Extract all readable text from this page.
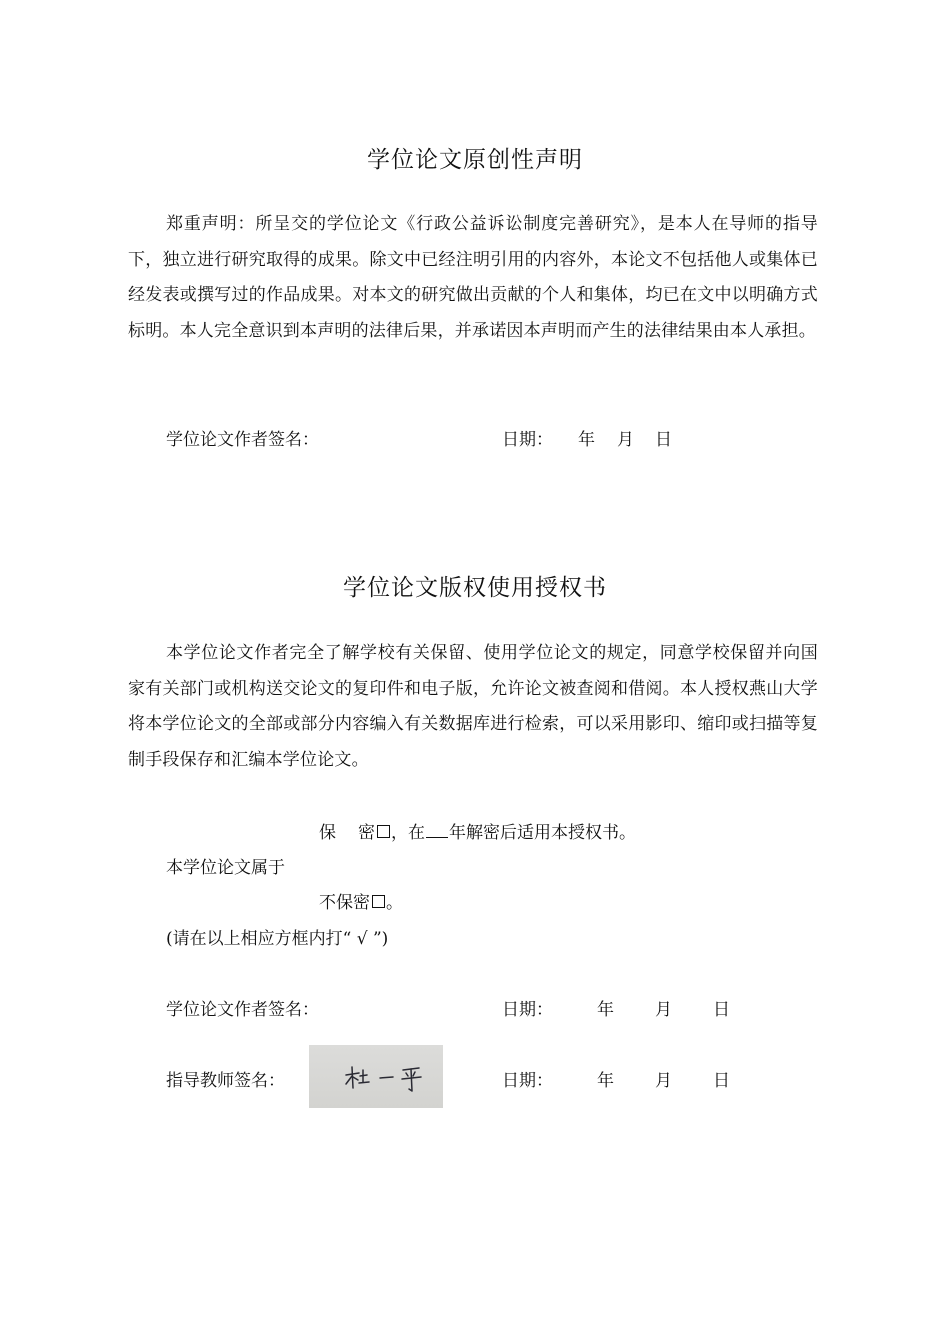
学位论文原创性声明
郑重声明：所呈交的学位论文《行政公益诉讼制度完善研究》，是本人在导师的指导下，独立进行研究取得的成果。除文中已经注明引用的内容外，本论文不包括他人或集体已经发表或撰写过的作品成果。对本文的研究做出贡献的个人和集体，均已在文中以明确方式标明。本人完全意识到本声明的法律后果，并承诺因本声明而产生的法律结果由本人承担。
学位论文作者签名：	日期： 年 月 日
学位论文版权使用授权书
本学位论文作者完全了解学校有关保留、使用学位论文的规定，同意学校保留并向国家有关部门或机构送交论文的复印件和电子版，允许论文被查阅和借阅。本人授权燕山大学将本学位论文的全部或部分内容编入有关数据库进行检索，可以采用影印、缩印或扫描等复制手段保存和汇编本学位论文。
保 密 ，在 年解密后适用本授权书。
本学位论文属于
不保密 。
(请在以上相应方框内打“ √ ”)
学位论文作者签名：	日期：	年 月 日
指导教师签名：	日期：	年 月 日
